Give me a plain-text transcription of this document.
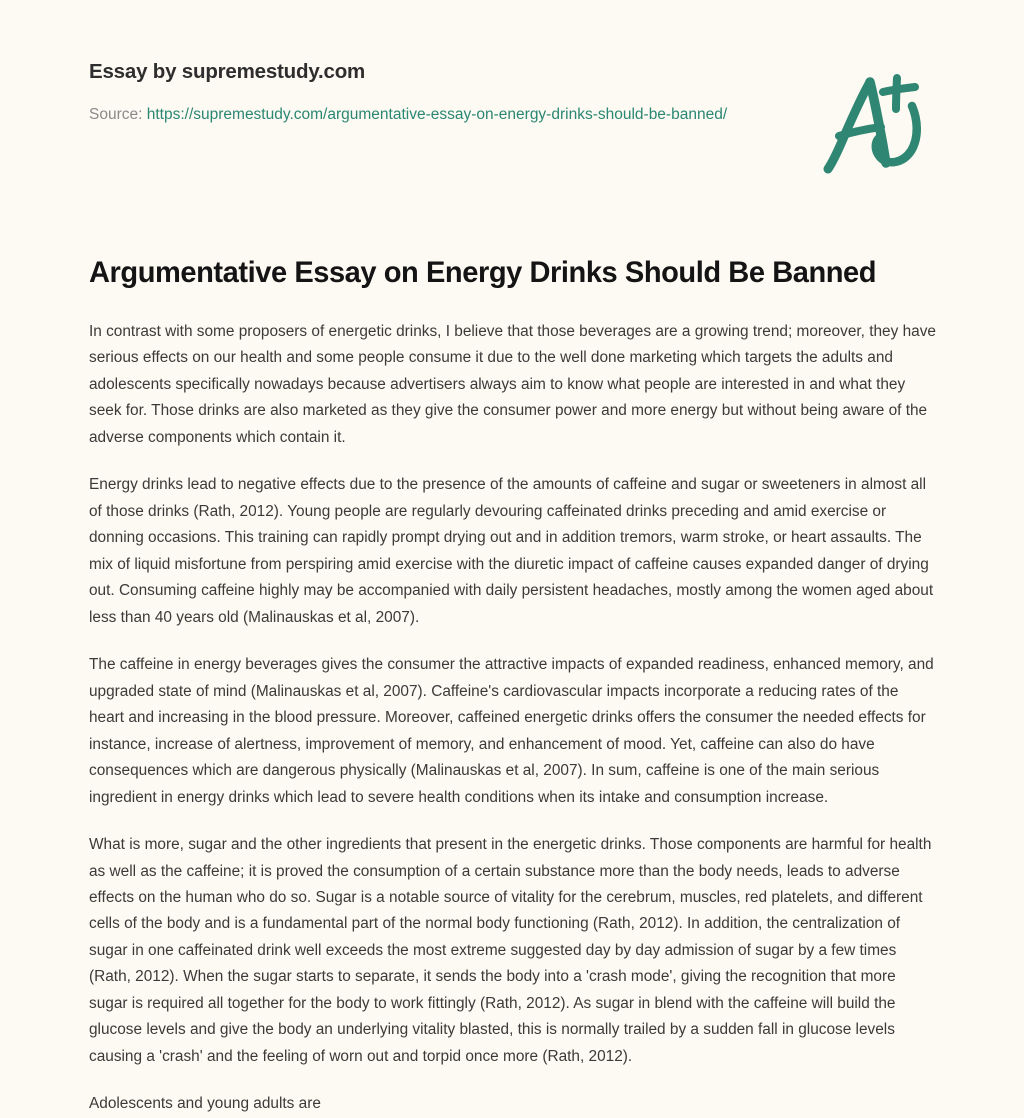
Essay by supremestudy.com
Source: https://supremestudy.com/argumentative-essay-on-energy-drinks-should-be-banned/
Argumentative Essay on Energy Drinks Should Be Banned

In contrast with some proposers of energetic drinks, I believe that those beverages are a growing trend; moreover, they have serious effects on our health and some people consume it due to the well done marketing which targets the adults and adolescents specifically nowadays because advertisers always aim to know what people are interested in and what they seek for. Those drinks are also marketed as they give the consumer power and more energy but without being aware of the adverse components which contain it.

Energy drinks lead to negative effects due to the presence of the amounts of caffeine and sugar or sweeteners in almost all of those drinks (Rath, 2012). Young people are regularly devouring caffeinated drinks preceding and amid exercise or donning occasions. This training can rapidly prompt drying out and in addition tremors, warm stroke, or heart assaults. The mix of liquid misfortune from perspiring amid exercise with the diuretic impact of caffeine causes expanded danger of drying out. Consuming caffeine highly may be accompanied with daily persistent headaches, mostly among the women aged about less than 40 years old (Malinauskas et al, 2007).

The caffeine in energy beverages gives the consumer the attractive impacts of expanded readiness, enhanced memory, and upgraded state of mind (Malinauskas et al, 2007). Caffeine's cardiovascular impacts incorporate a reducing rates of the heart and increasing in the blood pressure. Moreover, caffeined energetic drinks offers the consumer the needed effects for instance, increase of alertness, improvement of memory, and enhancement of mood. Yet, caffeine can also do have consequences which are dangerous physically (Malinauskas et al, 2007). In sum, caffeine is one of the main serious ingredient in energy drinks which lead to severe health conditions when its intake and consumption increase.

What is more, sugar and the other ingredients that present in the energetic drinks. Those components are harmful for health as well as the caffeine; it is proved the consumption of a certain substance more than the body needs, leads to adverse effects on the human who do so. Sugar is a notable source of vitality for the cerebrum, muscles, red platelets, and different cells of the body and is a fundamental part of the normal body functioning (Rath, 2012). In addition, the centralization of sugar in one caffeinated drink well exceeds the most extreme suggested day by day admission of sugar by a few times (Rath, 2012). When the sugar starts to separate, it sends the body into a 'crash mode', giving the recognition that more sugar is required all together for the body to work fittingly (Rath, 2012). As sugar in blend with the caffeine will build the glucose levels and give the body an underlying vitality blasted, this is normally trailed by a sudden fall in glucose levels causing a 'crash' and the feeling of worn out and torpid once more (Rath, 2012).

Adolescents and young adults are
